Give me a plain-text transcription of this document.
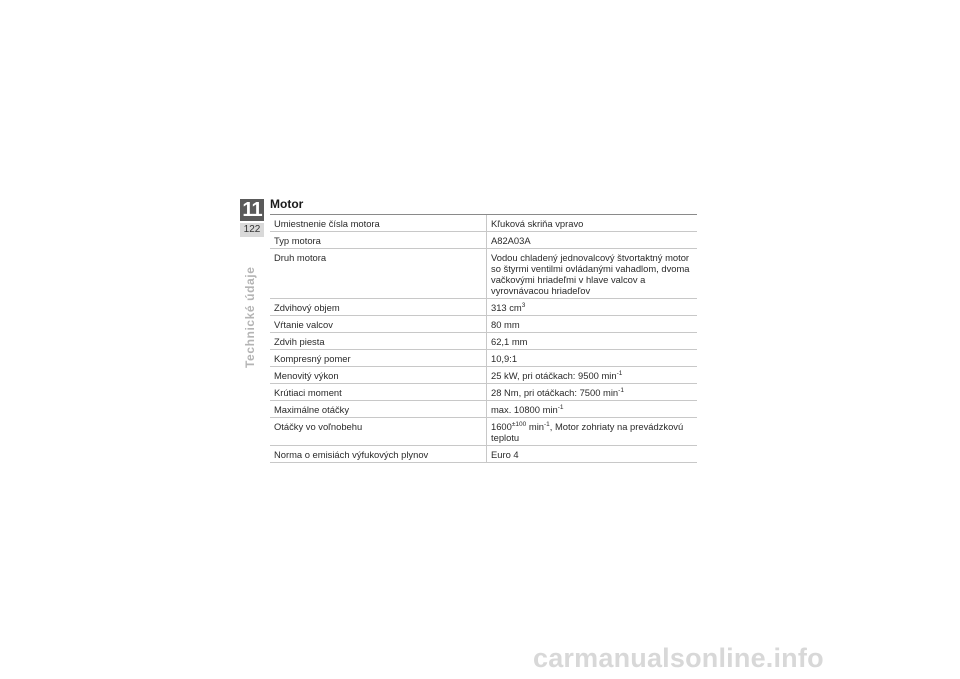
11
122
Technické údaje
Motor
Umiestnenie čísla motora	Kľuková skriňa vpravo
Typ motora	A82A03A
Druh motora	Vodou chladený jednovalcový štvortaktný motor so štyrmi ventilmi ovládanými vahadlom, dvoma vačkovými hriadeľmi v hlave valcov a vyrovnávacou hriadeľov
Zdvihový objem	313 $cm^3$
Vŕtanie valcov	80 mm
Zdvih piesta	62,1 mm
Kompresný pomer	10,9:1
Menovitý výkon	25 kW, pri otáčkach: 9500 $\min^{-1}$
Krútiaci moment	28 Nm, pri otáčkach: 7500 $\min^{-1}$
Maximálne otáčky	max. 10800 $\min^{-1}$
Otáčky vo voľnobehu	$1600^{\pm 100}$ $\min^{-1}$, Motor zohriaty na prevádzkovú teplotu
Norma o emisiách výfukových plynov	Euro 4
carmanualsonline.info
